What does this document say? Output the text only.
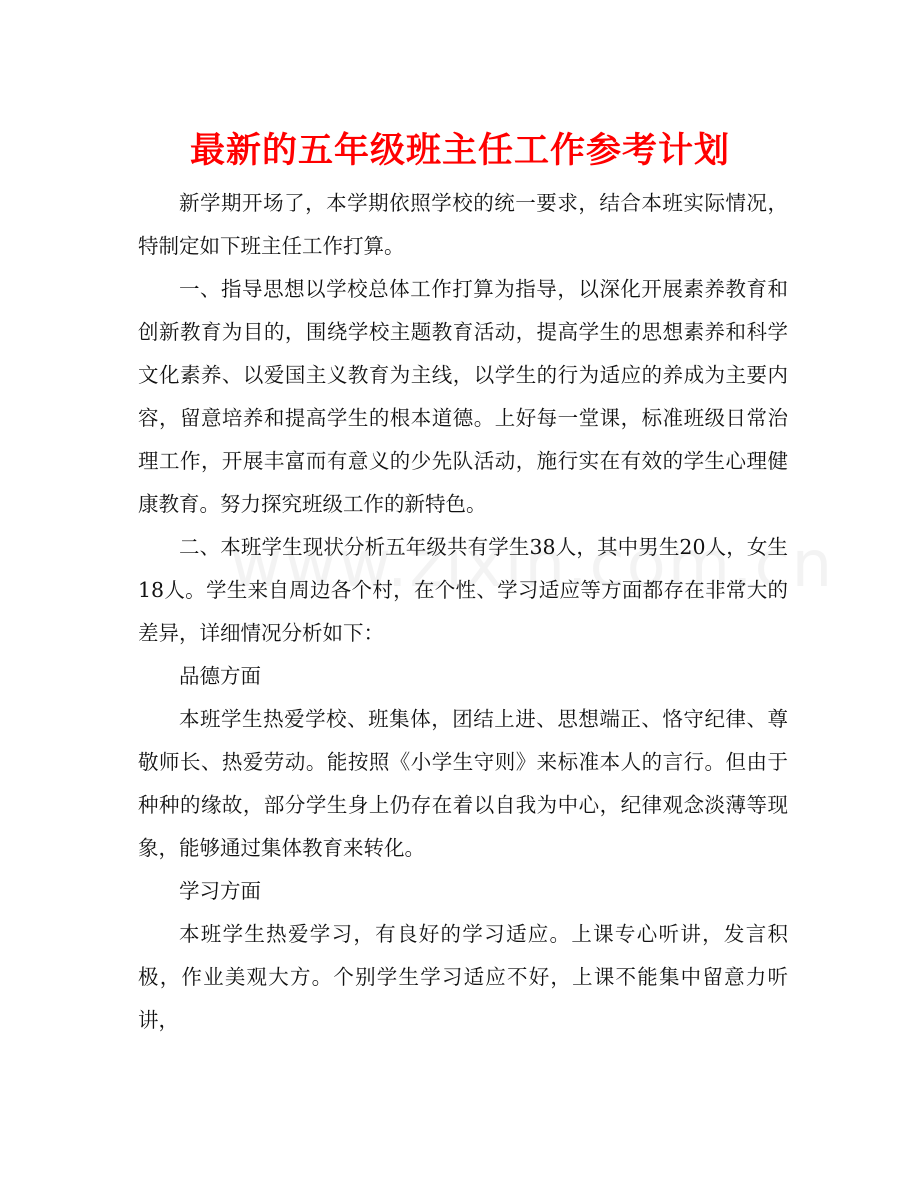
最新的五年级班主任工作参考计划

新学期开场了，本学期依照学校的统一要求，结合本班实际情况，特制定如下班主任工作打算。

一、指导思想以学校总体工作打算为指导，以深化开展素养教育和创新教育为目的，围绕学校主题教育活动，提高学生的思想素养和科学文化素养、以爱国主义教育为主线，以学生的行为适应的养成为主要内容，留意培养和提高学生的根本道德。上好每一堂课，标准班级日常治理工作，开展丰富而有意义的少先队活动，施行实在有效的学生心理健康教育。努力探究班级工作的新特色。

二、本班学生现状分析五年级共有学生38人，其中男生20人，女生18人。学生来自周边各个村，在个性、学习适应等方面都存在非常大的差异，详细情况分析如下：

品德方面

本班学生热爱学校、班集体，团结上进、思想端正、恪守纪律、尊敬师长、热爱劳动。能按照《小学生守则》来标准本人的言行。但由于种种的缘故，部分学生身上仍存在着以自我为中心，纪律观念淡薄等现象，能够通过集体教育来转化。

学习方面

本班学生热爱学习，有良好的学习适应。上课专心听讲，发言积极，作业美观大方。个别学生学习适应不好，上课不能集中留意力听讲，
